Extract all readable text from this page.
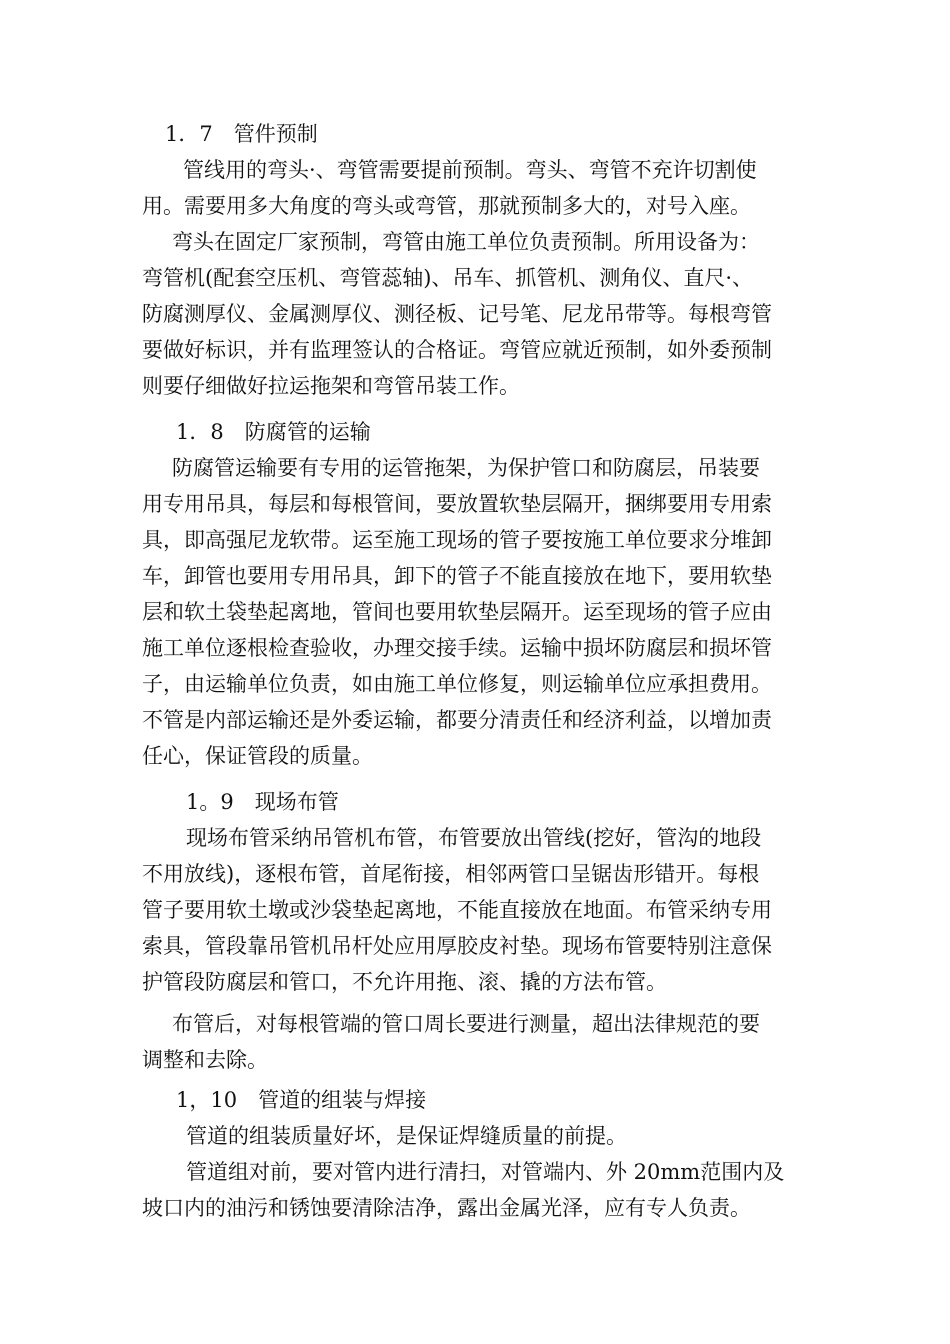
1．7　管件预制
管线用的弯头·、弯管需要提前预制。弯头、弯管不充许切割使
用。需要用多大角度的弯头或弯管，那就预制多大的，对号入座。
弯头在固定厂家预制，弯管由施工单位负责预制。所用设备为：
弯管机(配套空压机、弯管蕊轴)、吊车、抓管机、测角仪、直尺·、
防腐测厚仪、金属测厚仪、测径板、记号笔、尼龙吊带等。每根弯管
要做好标识，并有监理签认的合格证。弯管应就近预制，如外委预制
则要仔细做好拉运拖架和弯管吊装工作。
1．8　防腐管的运输
防腐管运输要有专用的运管拖架，为保护管口和防腐层，吊装要
用专用吊具，每层和每根管间，要放置软垫层隔开，捆绑要用专用索
具，即高强尼龙软带。运至施工现场的管子要按施工单位要求分堆卸
车，卸管也要用专用吊具，卸下的管子不能直接放在地下，要用软垫
层和软土袋垫起离地，管间也要用软垫层隔开。运至现场的管子应由
施工单位逐根检查验收，办理交接手续。运输中损坏防腐层和损坏管
子，由运输单位负责，如由施工单位修复，则运输单位应承担费用。
不管是内部运输还是外委运输，都要分清责任和经济利益，以增加责
任心，保证管段的质量。
1。9　现场布管
现场布管采纳吊管机布管，布管要放出管线(挖好，管沟的地段
不用放线)，逐根布管，首尾衔接，相邻两管口呈锯齿形错开。每根
管子要用软土墩或沙袋垫起离地，不能直接放在地面。布管采纳专用
索具，管段靠吊管机吊杆处应用厚胶皮衬垫。现场布管要特别注意保
护管段防腐层和管口，不允许用拖、滚、撬的方法布管。
布管后，对每根管端的管口周长要进行测量，超出法律规范的要
调整和去除。
1，10　管道的组装与焊接
管道的组装质量好坏，是保证焊缝质量的前提。
管道组对前，要对管内进行清扫，对管端内、外 20mm范围内及
坡口内的油污和锈蚀要清除洁净，露出金属光泽，应有专人负责。
